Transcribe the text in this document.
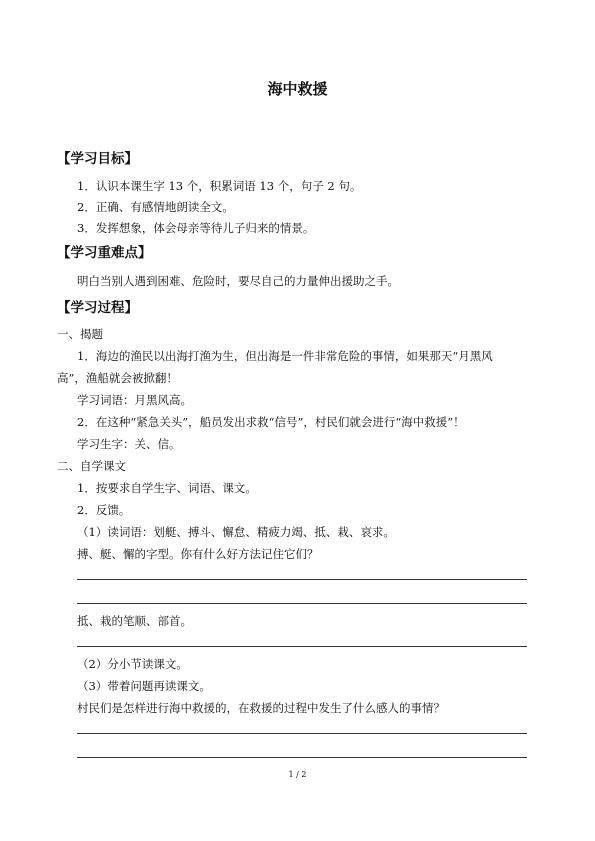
海中救援
【学习目标】
1．认识本课生字 13 个，积累词语 13 个，句子 2 句。
2．正确、有感情地朗读全文。
3．发挥想象，体会母亲等待儿子归来的情景。
【学习重难点】
明白当别人遇到困难、危险时，要尽自己的力量伸出援助之手。
【学习过程】
一、揭题
1．海边的渔民以出海打渔为生，但出海是一件非常危险的事情，如果那天“月黑风
高”，渔船就会被掀翻！
学习词语：月黑风高。
2．在这种“紧急关头”，船员发出求救“信号”，村民们就会进行“海中救援”！
学习生字：关、信。
二、自学课文
1．按要求自学生字、词语、课文。
2．反馈。
（1）读词语：划艇、搏斗、懈怠、精疲力竭、抵、栽、哀求。
搏、艇、懈的字型。你有什么好方法记住它们？
抵、栽的笔顺、部首。
（2）分小节读课文。
（3）带着问题再读课文。
村民们是怎样进行海中救援的，在救援的过程中发生了什么感人的事情？
1 / 2
